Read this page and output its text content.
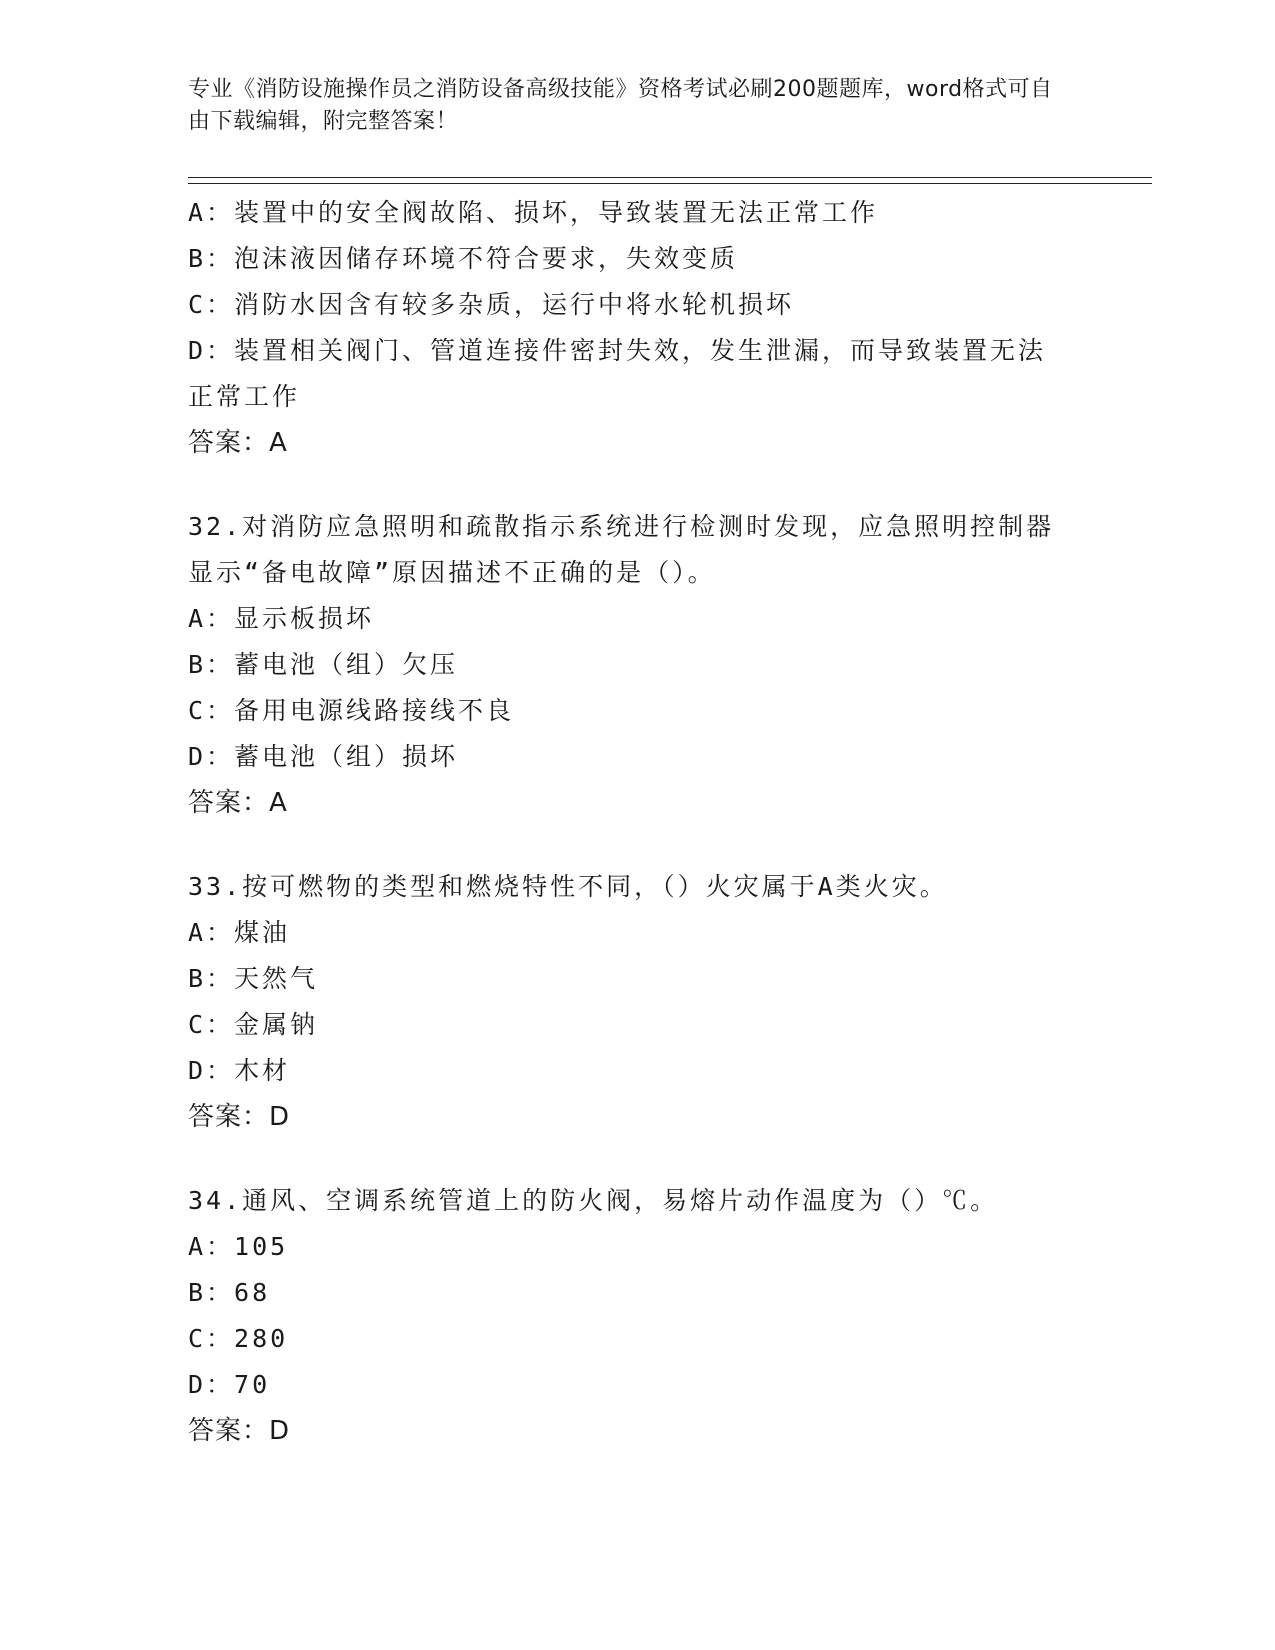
专业《消防设施操作员之消防设备高级技能》资格考试必刷200题题库，word格式可自由下载编辑，附完整答案！

A：装置中的安全阀故陷、损坏，导致装置无法正常工作

B：泡沫液因储存环境不符合要求，失效变质

C：消防水因含有较多杂质，运行中将水轮机损坏

D：装置相关阀门、管道连接件密封失效，发生泄漏，而导致装置无法正常工作

答案：A

32.对消防应急照明和疏散指示系统进行检测时发现，应急照明控制器显示“备电故障”原因描述不正确的是（）。

A：显示板损坏

B：蓄电池（组）欠压

C：备用电源线路接线不良

D：蓄电池（组）损坏

答案：A

33.按可燃物的类型和燃烧特性不同，（）火灾属于A类火灾。

A：煤油

B：天然气

C：金属钠

D：木材

答案：D

34.通风、空调系统管道上的防火阀，易熔片动作温度为（）℃。

A：105

B：68

C：280

D：70

答案：D
